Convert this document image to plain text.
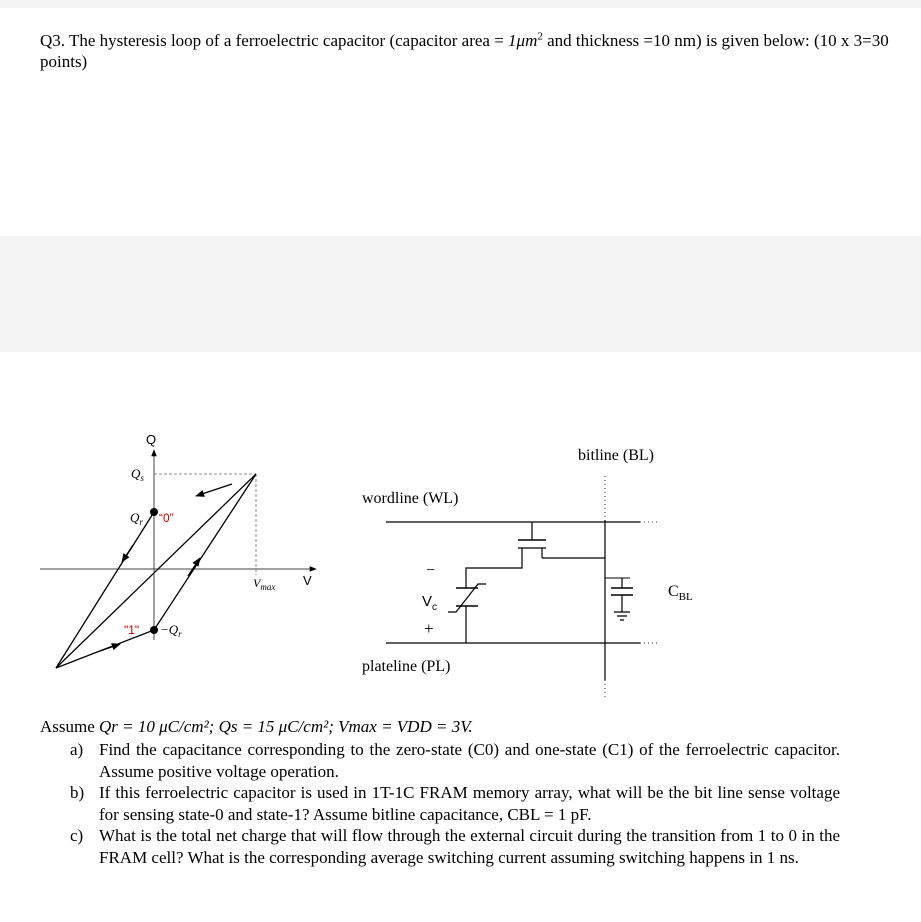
Q3. The hysteresis loop of a ferroelectric capacitor (capacitor area = $1\mu m^2$ and thickness =10 nm) is given below: (10 x 3=30 points)

Q
$Q_s$
$Q_r$ “0”
"1" $-Q_r$
$V_{max}$ V
bitline (BL)
wordline (WL)
plateline (PL)
−
$V_c$
+
$C_{BL}$

Assume Qr = 10 μC/cm²; Qs = 15 μC/cm²; Vmax = VDD = 3V.

a) Find the capacitance corresponding to the zero-state (C0) and one-state (C1) of the ferroelectric capacitor. Assume positive voltage operation.
b) If this ferroelectric capacitor is used in 1T-1C FRAM memory array, what will be the bit line sense voltage for sensing state-0 and state-1? Assume bitline capacitance, CBL = 1 pF.
c) What is the total net charge that will flow through the external circuit during the transition from 1 to 0 in the FRAM cell? What is the corresponding average switching current assuming switching happens in 1 ns.
